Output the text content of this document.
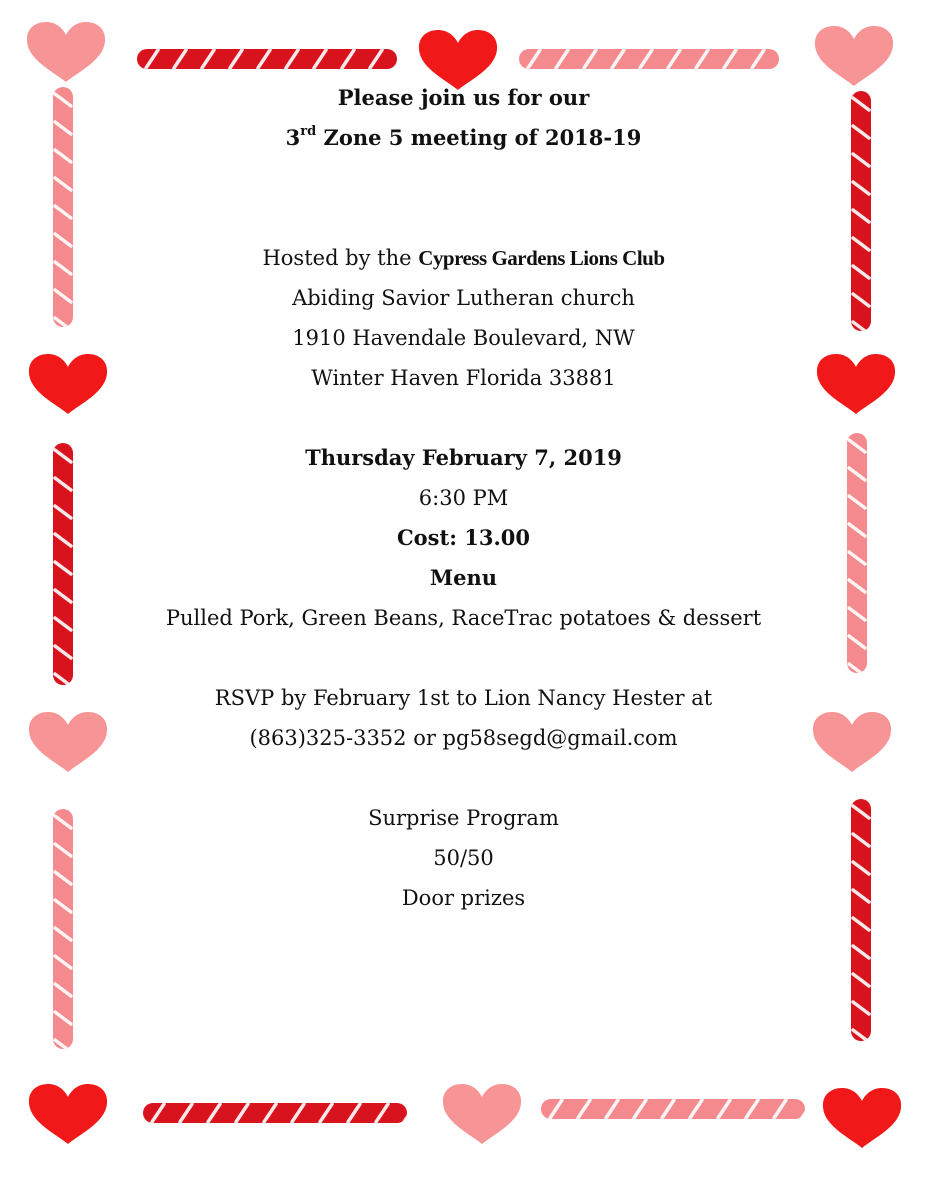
Please join us for our
3rd Zone 5 meeting of 2018-19
Hosted by the Cypress Gardens Lions Club
Abiding Savior Lutheran church
1910 Havendale Boulevard, NW
Winter Haven Florida 33881
Thursday February 7, 2019
6:30 PM
Cost: 13.00
Menu
Pulled Pork, Green Beans, RaceTrac potatoes & dessert
RSVP by February 1st to Lion Nancy Hester at
(863)325-3352 or pg58segd@gmail.com
Surprise Program
50/50
Door prizes
